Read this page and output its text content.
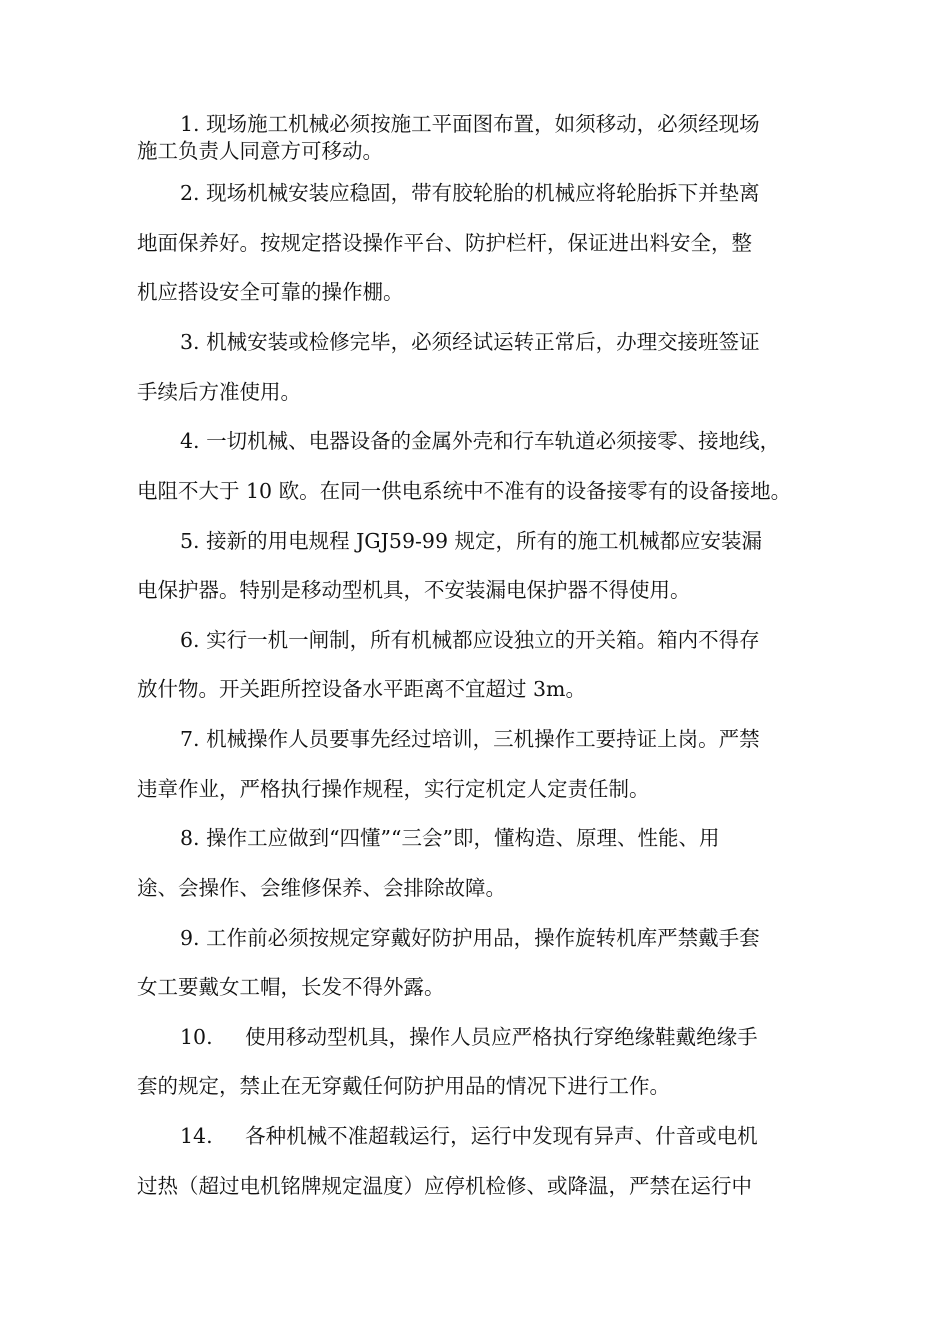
1. 现场施工机械必须按施工平面图布置，如须移动，必须经现场
施工负责人同意方可移动。
2. 现场机械安装应稳固，带有胶轮胎的机械应将轮胎拆下并垫离
地面保养好。按规定搭设操作平台、防护栏杆，保证进出料安全，整
机应搭设安全可靠的操作棚。
3. 机械安装或检修完毕，必须经试运转正常后，办理交接班签证
手续后方准使用。
4. 一切机械、电器设备的金属外壳和行车轨道必须接零、接地线，
电阻不大于 10 欧。在同一供电系统中不准有的设备接零有的设备接地。
5. 接新的用电规程 JGJ59-99 规定，所有的施工机械都应安装漏
电保护器。特别是移动型机具，不安装漏电保护器不得使用。
6. 实行一机一闸制，所有机械都应设独立的开关箱。箱内不得存
放什物。开关距所控设备水平距离不宜超过 3m。
7. 机械操作人员要事先经过培训，三机操作工要持证上岗。严禁
违章作业，严格执行操作规程，实行定机定人定责任制。
8. 操作工应做到“四懂”“三会”即，懂构造、原理、性能、用
途、会操作、会维修保养、会排除故障。
9. 工作前必须按规定穿戴好防护用品，操作旋转机库严禁戴手套
女工要戴女工帽，长发不得外露。
10.     使用移动型机具，操作人员应严格执行穿绝缘鞋戴绝缘手
套的规定，禁止在无穿戴任何防护用品的情况下进行工作。
14.     各种机械不准超载运行，运行中发现有异声、什音或电机
过热（超过电机铭牌规定温度）应停机检修、或降温，严禁在运行中
